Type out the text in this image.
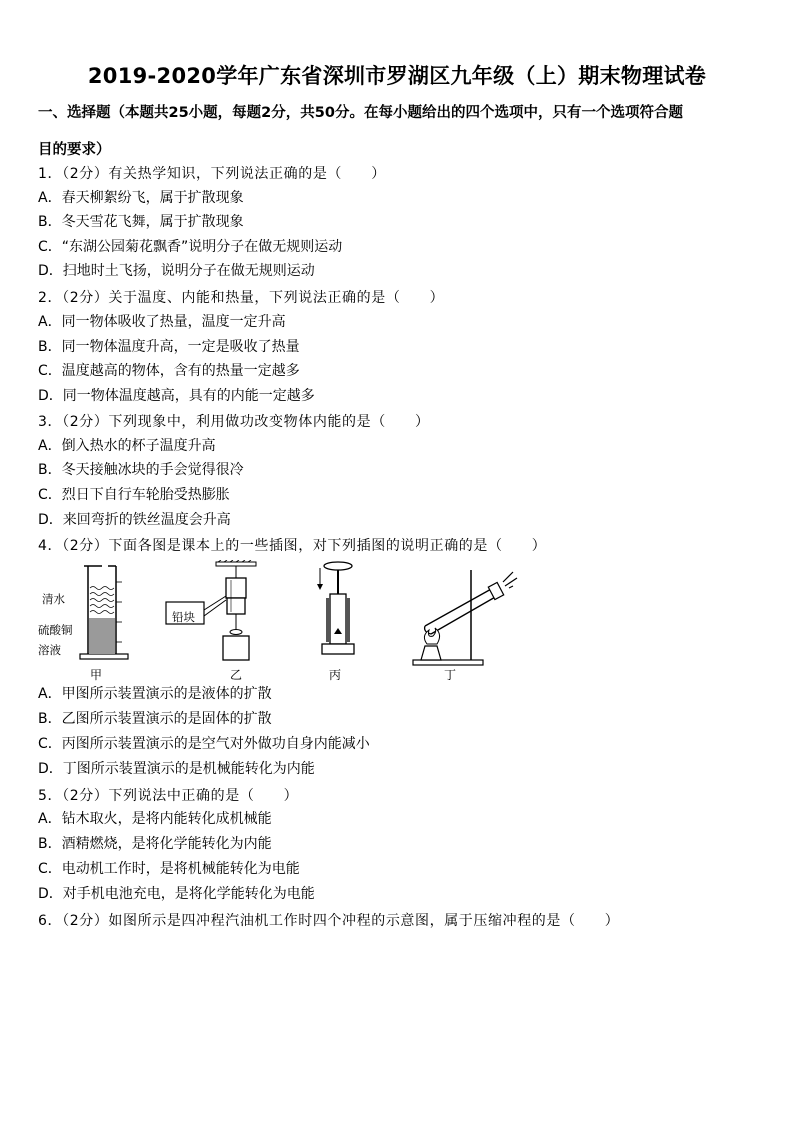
2019-2020学年广东省深圳市罗湖区九年级（上）期末物理试卷
一、选择题（本题共25小题，每题2分，共50分。在每小题给出的四个选项中，只有一个选项符合题
目的要求）
1．（2分）有关热学知识，下列说法正确的是（　　）
A．春天柳絮纷飞，属于扩散现象
B．冬天雪花飞舞，属于扩散现象
C．“东湖公园菊花飘香”说明分子在做无规则运动
D．扫地时土飞扬，说明分子在做无规则运动
2．（2分）关于温度、内能和热量，下列说法正确的是（　　）
A．同一物体吸收了热量，温度一定升高
B．同一物体温度升高，一定是吸收了热量
C．温度越高的物体，含有的热量一定越多
D．同一物体温度越高，具有的内能一定越多
3．（2分）下列现象中，利用做功改变物体内能的是（　　）
A．倒入热水的杯子温度升高
B．冬天接触冰块的手会觉得很冷
C．烈日下自行车轮胎受热膨胀
D．来回弯折的铁丝温度会升高
4．（2分）下面各图是课本上的一些插图，对下列插图的说明正确的是（　　）
清水
硫酸铜
溶液
甲
铅块
乙	丙	丁
A．甲图所示装置演示的是液体的扩散
B．乙图所示装置演示的是固体的扩散
C．丙图所示装置演示的是空气对外做功自身内能减小
D．丁图所示装置演示的是机械能转化为内能
5．（2分）下列说法中正确的是（　　）
A．钻木取火，是将内能转化成机械能
B．酒精燃烧，是将化学能转化为内能
C．电动机工作时，是将机械能转化为电能
D．对手机电池充电，是将化学能转化为电能
6．（2分）如图所示是四冲程汽油机工作时四个冲程的示意图，属于压缩冲程的是（　　）
